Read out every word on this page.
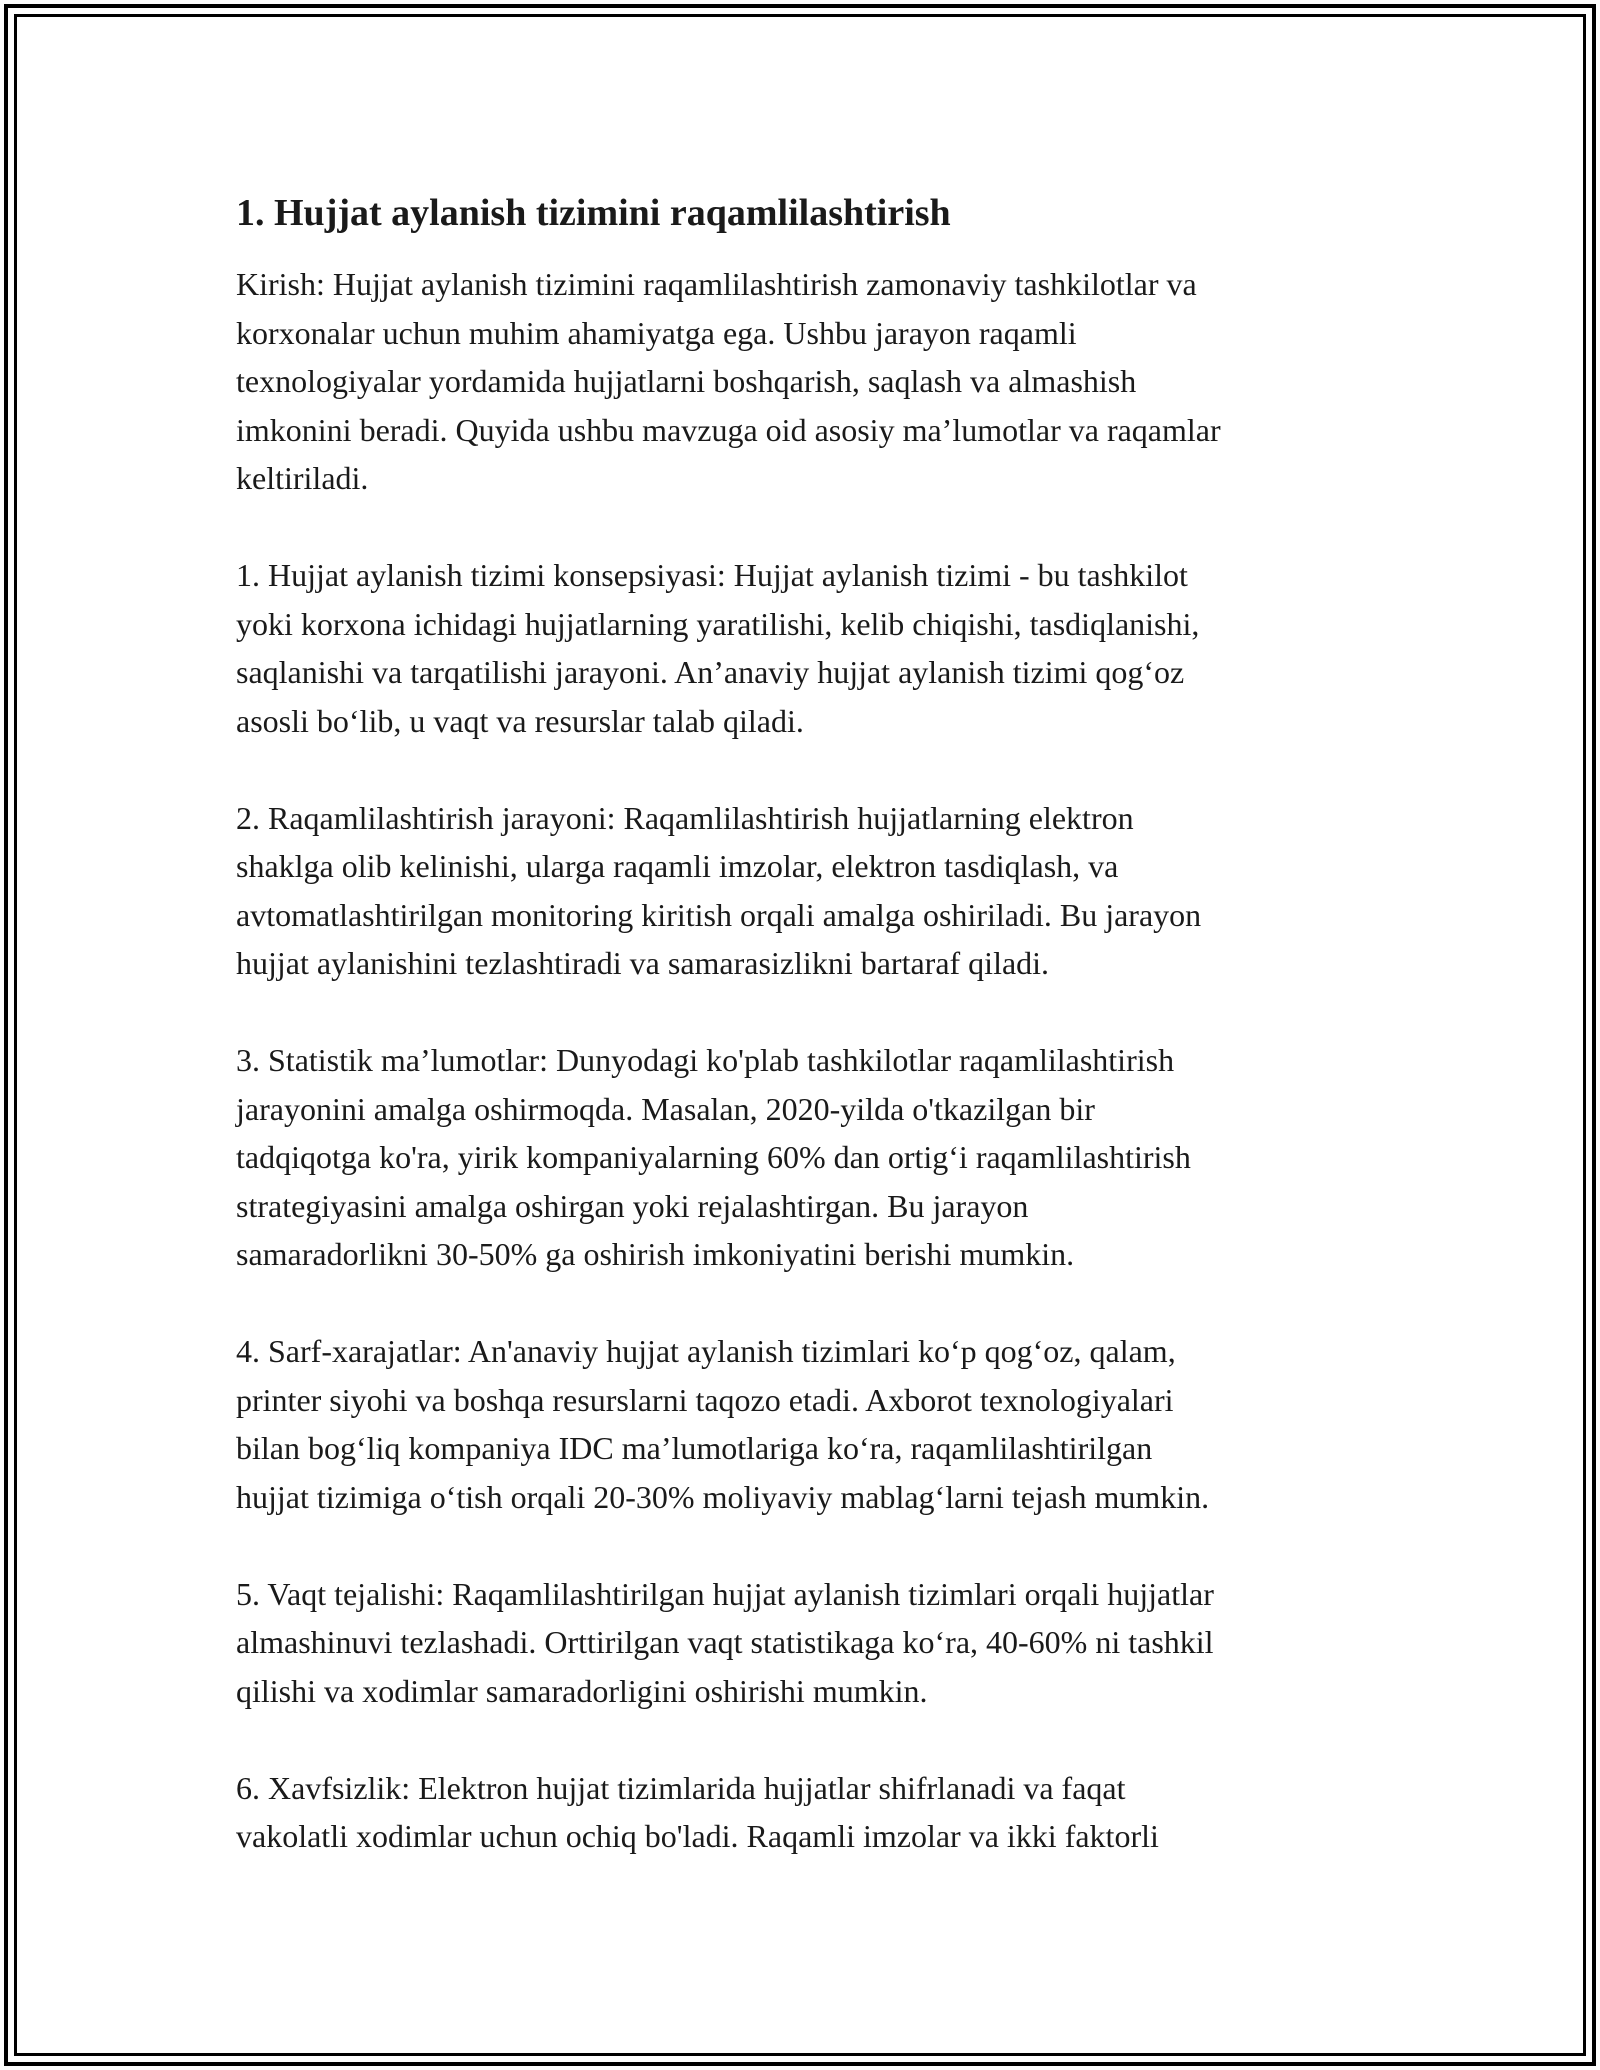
1. Hujjat aylanish tizimini raqamlilashtirish
Kirish: Hujjat aylanish tizimini raqamlilashtirish zamonaviy tashkilotlar va
korxonalar uchun muhim ahamiyatga ega. Ushbu jarayon raqamli
texnologiyalar yordamida hujjatlarni boshqarish, saqlash va almashish
imkonini beradi. Quyida ushbu mavzuga oid asosiy ma’lumotlar va raqamlar
keltiriladi.
1. Hujjat aylanish tizimi konsepsiyasi: Hujjat aylanish tizimi - bu tashkilot
yoki korxona ichidagi hujjatlarning yaratilishi, kelib chiqishi, tasdiqlanishi,
saqlanishi va tarqatilishi jarayoni. An’anaviy hujjat aylanish tizimi qog‘oz
asosli bo‘lib, u vaqt va resurslar talab qiladi.
2. Raqamlilashtirish jarayoni: Raqamlilashtirish hujjatlarning elektron
shaklga olib kelinishi, ularga raqamli imzolar, elektron tasdiqlash, va
avtomatlashtirilgan monitoring kiritish orqali amalga oshiriladi. Bu jarayon
hujjat aylanishini tezlashtiradi va samarasizlikni bartaraf qiladi.
3. Statistik ma’lumotlar: Dunyodagi ko'plab tashkilotlar raqamlilashtirish
jarayonini amalga oshirmoqda. Masalan, 2020-yilda o'tkazilgan bir
tadqiqotga ko'ra, yirik kompaniyalarning 60% dan ortig‘i raqamlilashtirish
strategiyasini amalga oshirgan yoki rejalashtirgan. Bu jarayon
samaradorlikni 30-50% ga oshirish imkoniyatini berishi mumkin.
4. Sarf-xarajatlar: An'anaviy hujjat aylanish tizimlari ko‘p qog‘oz, qalam,
printer siyohi va boshqa resurslarni taqozo etadi. Axborot texnologiyalari
bilan bog‘liq kompaniya IDC ma’lumotlariga ko‘ra, raqamlilashtirilgan
hujjat tizimiga o‘tish orqali 20-30% moliyaviy mablag‘larni tejash mumkin.
5. Vaqt tejalishi: Raqamlilashtirilgan hujjat aylanish tizimlari orqali hujjatlar
almashinuvi tezlashadi. Orttirilgan vaqt statistikaga ko‘ra, 40-60% ni tashkil
qilishi va xodimlar samaradorligini oshirishi mumkin.
6. Xavfsizlik: Elektron hujjat tizimlarida hujjatlar shifrlanadi va faqat
vakolatli xodimlar uchun ochiq bo'ladi. Raqamli imzolar va ikki faktorli
